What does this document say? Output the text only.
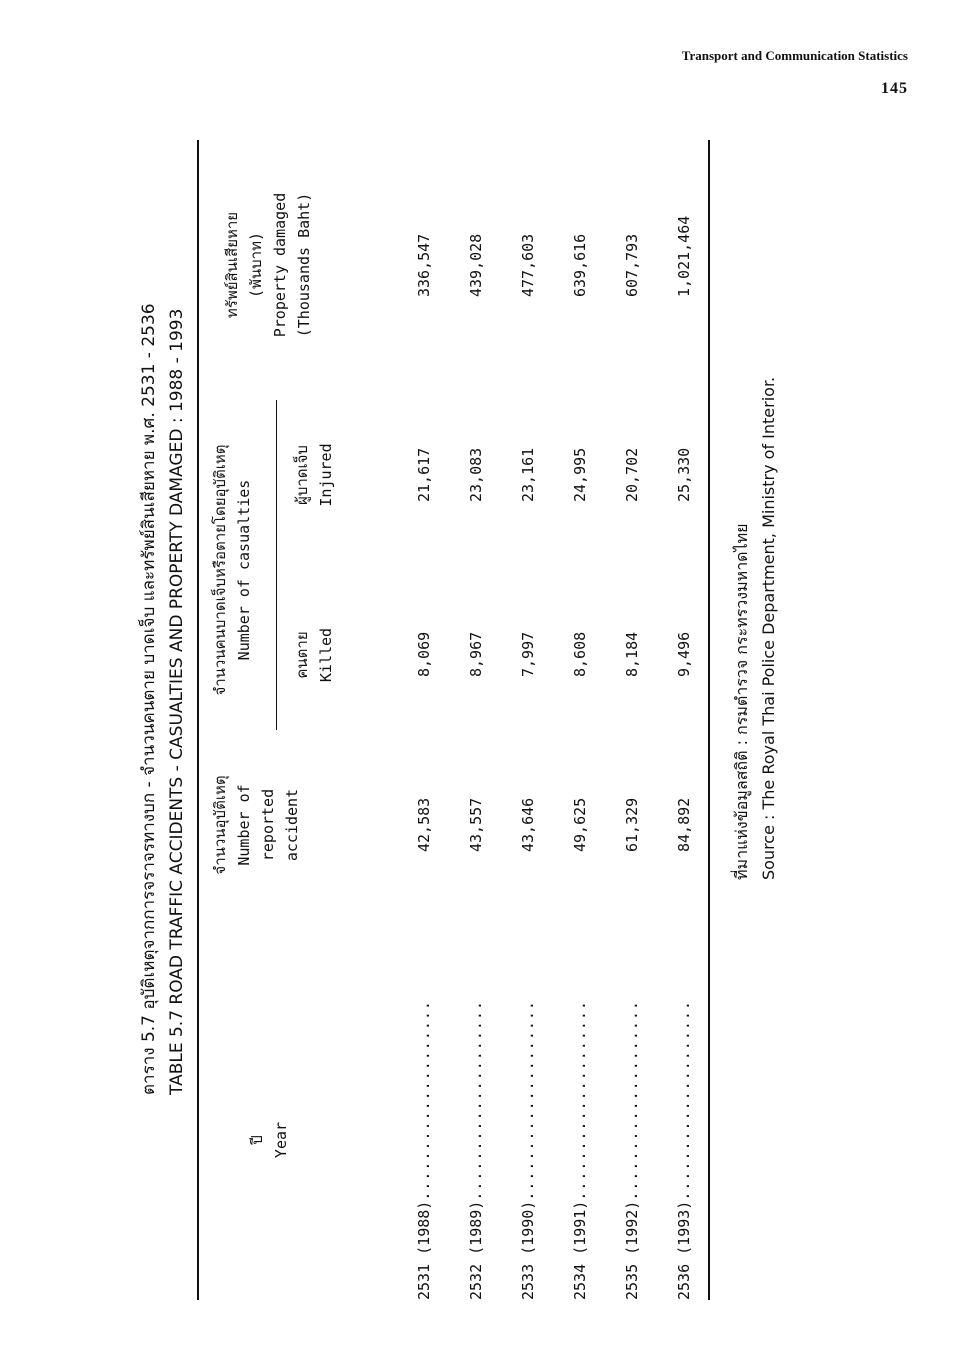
Transport and Communication Statistics
145
ตาราง 5.7 อุบัติเหตุจากการจราจรทางบก - จำนวนคนตาย บาดเจ็บ และทรัพย์สินเสียหาย พ.ศ. 2531 - 2536 TABLE 5.7 ROAD TRAFFIC ACCIDENTS - CASUALTIES AND PROPERTY DAMAGED : 1988 - 1993
ปี Year
จำนวนอุบัติเหตุ Number of reported accident
จำนวนคนบาดเจ็บหรือตายโดยอุบัติเหตุ Number of casualties	คนตาย Killed
ผู้บาดเจ็บ Injured
ทรัพย์สินเสียหาย (พันบาท) Property damaged (Thousands Baht)
2531 (1988)....................
42,583
8,069
21,617
336,547
2532 (1989)....................
43,557
8,967
23,083
439,028
2533 (1990)....................
43,646
7,997
23,161
477,603
2534 (1991)....................
49,625
8,608
24,995
639,616
2535 (1992)....................
61,329
8,184
20,702
607,793
2536 (1993)....................
84,892
9,496
25,330
1,021,464
ที่มาแห่งข้อมูลสถิติ : กรมตำรวจ กระทรวงมหาดไทย Source : The Royal Thai Police Department, Ministry of Interior.
